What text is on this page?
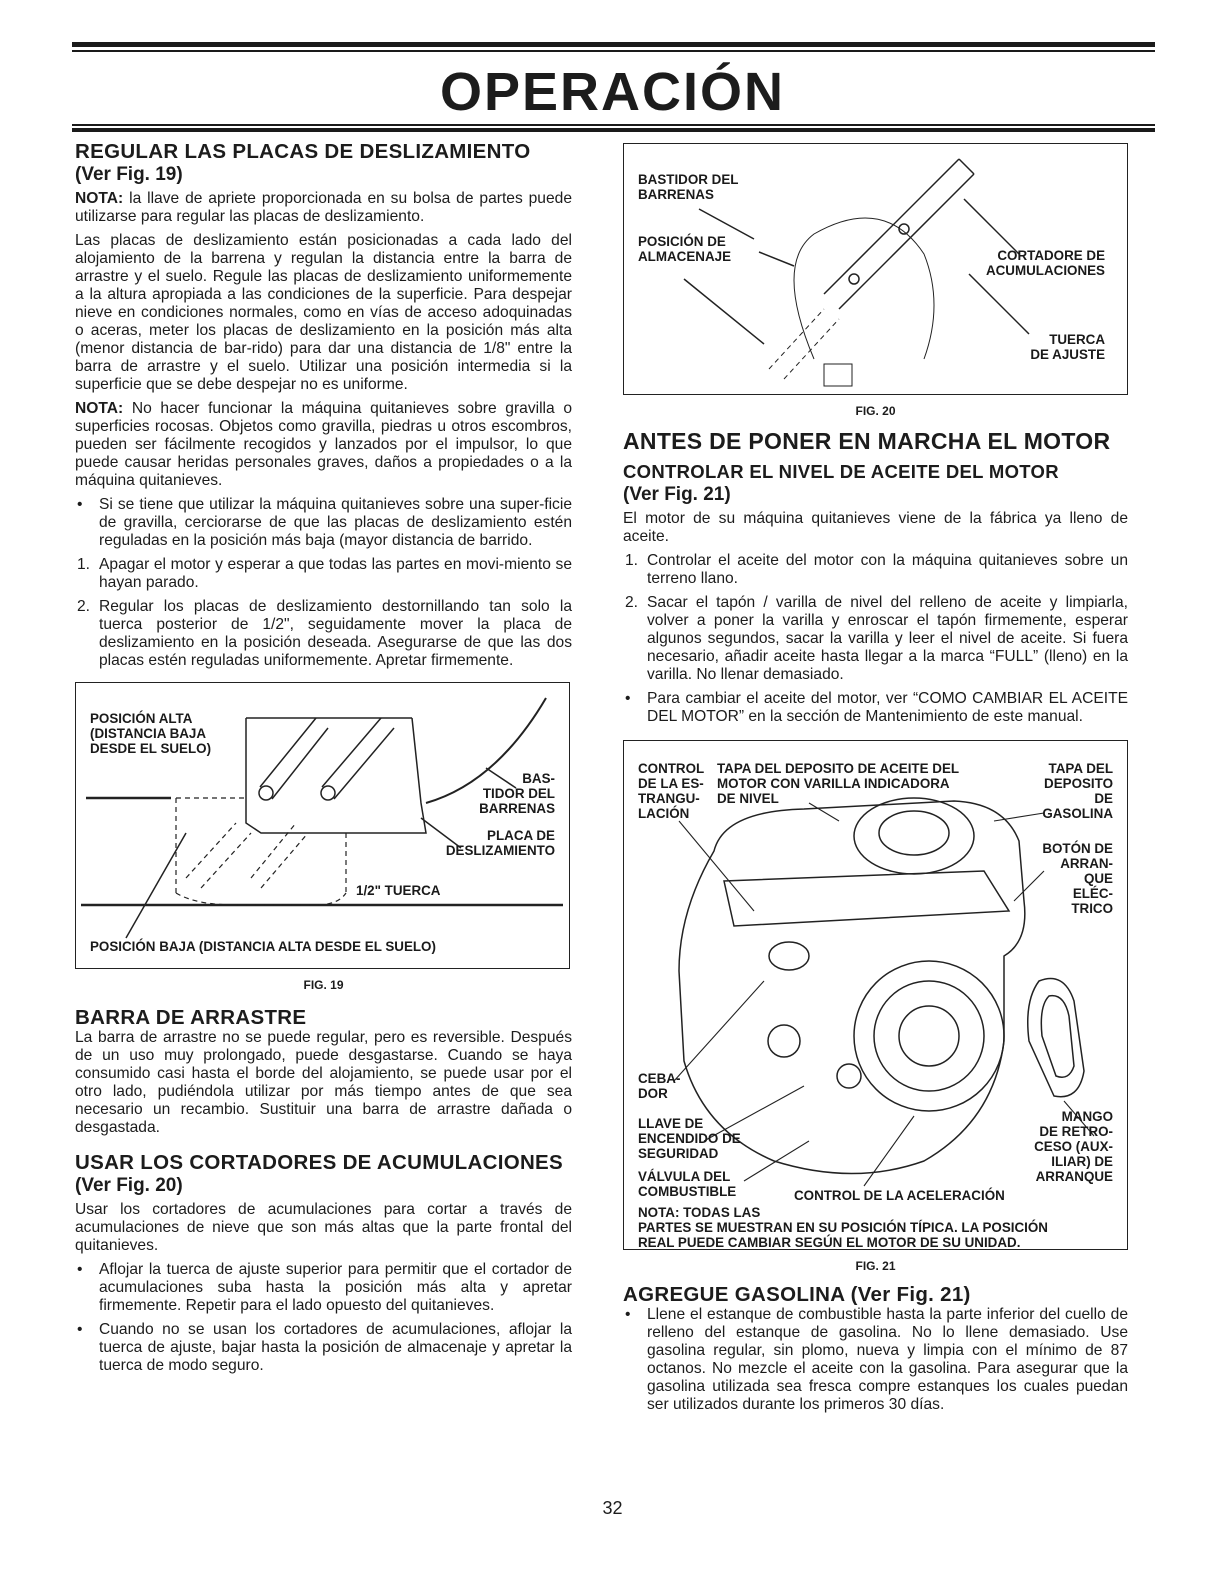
OPERACIÓN
REGULAR LAS PLACAS DE DESLIZAMIENTO
(Ver Fig. 19)

NOTA: la llave de apriete proporcionada en su bolsa de partes puede utilizarse para regular las placas de deslizamiento.

Las placas de deslizamiento están posicionadas a cada lado del alojamiento de la barrena y regulan la distancia entre la barra de arrastre y el suelo. Regule las placas de deslizamiento uniformemente a la altura apropiada a las condiciones de la superficie. Para despejar nieve en condiciones normales, como en vías de acceso adoquinadas o aceras, meter los placas de deslizamiento en la posición más alta (menor distancia de bar-rido) para dar una distancia de 1/8" entre la barra de arrastre y el suelo. Utilizar una posición intermedia si la superficie que se debe despejar no es uniforme.

NOTA: No hacer funcionar la máquina quitanieves sobre gravilla o superficies rocosas. Objetos como gravilla, piedras u otros escombros, pueden ser fácilmente recogidos y lanzados por el impulsor, lo que puede causar heridas personales graves, daños a propiedades o a la máquina quitanieves.

• Si se tiene que utilizar la máquina quitanieves sobre una super-ficie de gravilla, cerciorarse de que las placas de deslizamiento estén reguladas en la posición más baja (mayor distancia de barrido.
1. Apagar el motor y esperar a que todas las partes en movi-miento se hayan parado.
2. Regular los placas de deslizamiento destornillando tan solo la tuerca posterior de 1/2", seguidamente mover la placa de deslizamiento en la posición deseada. Asegurarse de que las dos placas estén reguladas uniformemente. Apretar firmemente.
POSICIÓN ALTA
(DISTANCIA BAJA
DESDE EL SUELO)
BAS-
TIDOR DEL
BARRENAS
PLACA DE
DESLIZAMIENTO
1/2" TUERCA
POSICIÓN BAJA (DISTANCIA ALTA DESDE EL SUELO)
FIG. 19
BARRA DE ARRASTRE

La barra de arrastre no se puede regular, pero es reversible. Después de un uso muy prolongado, puede desgastarse. Cuando se haya consumido casi hasta el borde del alojamiento, se puede usar por el otro lado, pudiéndola utilizar por más tiempo antes de que sea necesario un recambio. Sustituir una barra de arrastre dañada o desgastada.

USAR LOS CORTADORES DE ACUMULACIONES
(Ver Fig. 20)

Usar los cortadores de acumulaciones para cortar a través de acumulaciones de nieve que son más altas que la parte frontal del quitanieves.

• Aflojar la tuerca de ajuste superior para permitir que el cortador de acumulaciones suba hasta la posición más alta y apretar firmemente. Repetir para el lado opuesto del quitanieves.
• Cuando no se usan los cortadores de acumulaciones, aflojar la tuerca de ajuste, bajar hasta la posición de almacenaje y apretar la tuerca de modo seguro.
BASTIDOR DEL
BARRENAS
POSICIÓN DE
ALMACENAJE	CORTADORE DE
ACUMULACIONES
TUERCA
DE AJUSTE
FIG. 20
ANTES DE PONER EN MARCHA EL MOTOR
CONTROLAR EL NIVEL DE ACEITE DEL MOTOR
(Ver Fig. 21)

El motor de su máquina quitanieves viene de la fábrica ya lleno de aceite.

1. Controlar el aceite del motor con la máquina quitanieves sobre un terreno llano.
2. Sacar el tapón / varilla de nivel del relleno de aceite y limpiarla, volver a poner la varilla y enroscar el tapón firmemente, esperar algunos segundos, sacar la varilla y leer el nivel de aceite. Si fuera necesario, añadir aceite hasta llegar a la marca “FULL” (lleno) en la varilla. No llenar demasiado.
• Para cambiar el aceite del motor, ver “COMO CAMBIAR EL ACEITE DEL MOTOR” en la sección de Mantenimiento de este manual.
CONTROL
DE LA ES-
TRANGU-
LACIÓN
TAPA DEL DEPOSITO DE ACEITE DEL
MOTOR CON VARILLA INDICADORA
DE NIVEL
TAPA DEL
DEPOSITO
DE
GASOLINA
BOTÓN DE
ARRAN-
QUE
ELÉC-
TRICO
CEBA-
DOR
LLAVE DE
ENCENDIDO DE
SEGURIDAD
VÁLVULA DEL
COMBUSTIBLE
MANGO
DE RETRO-
CESO (AUX-
ILIAR) DE
ARRANQUE
CONTROL DE LA ACELERACIÓN
NOTA: TODAS LAS
PARTES SE MUESTRAN EN SU POSICIÓN TÍPICA. LA POSICIÓN
REAL PUEDE CAMBIAR SEGÚN EL MOTOR DE SU UNIDAD.
FIG. 21
AGREGUE GASOLINA (Ver Fig. 21)
• Llene el estanque de combustible hasta la parte inferior del cuello de relleno del estanque de gasolina. No lo llene demasiado. Use gasolina regular, sin plomo, nueva y limpia con el mínimo de 87 octanos. No mezcle el aceite con la gasolina. Para asegurar que la gasolina utilizada sea fresca compre estanques los cuales puedan ser utilizados durante los primeros 30 días.
32
